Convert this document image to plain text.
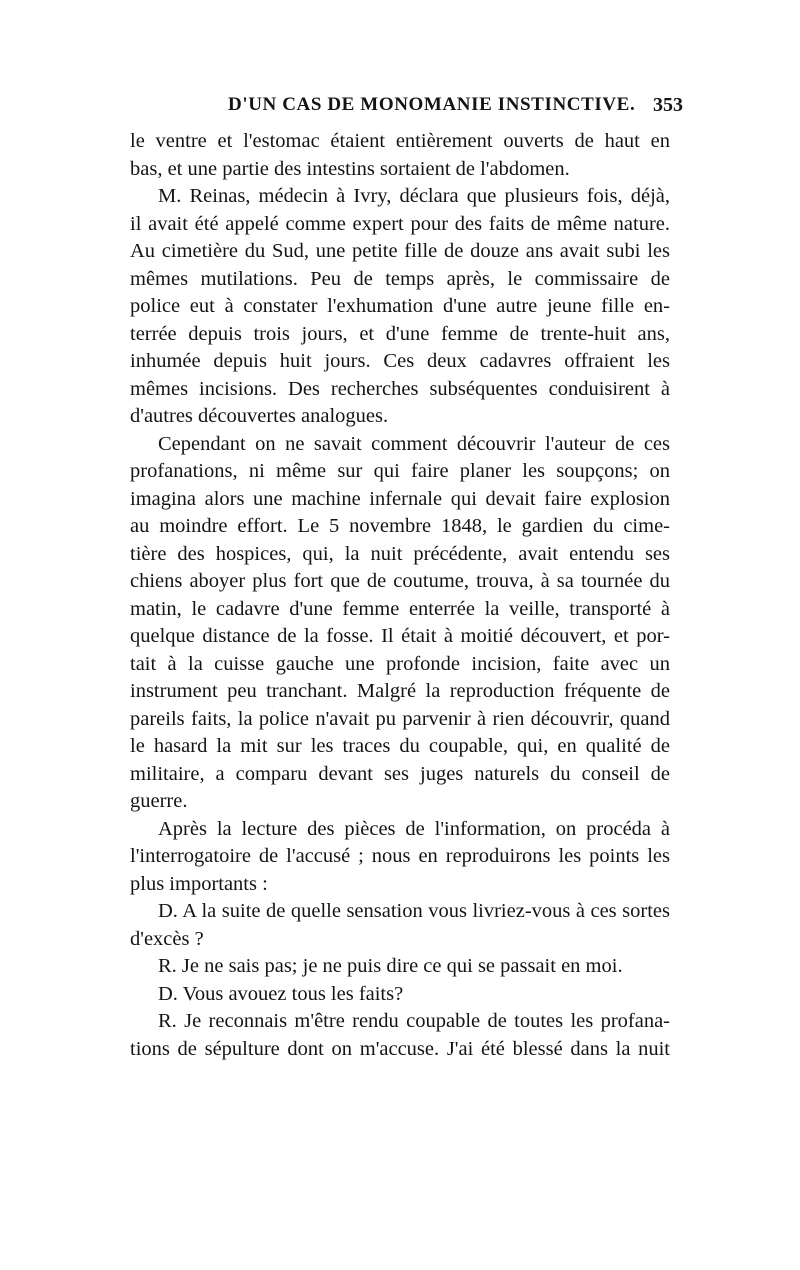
D'UN CAS DE MONOMANIE INSTINCTIVE. 353
le ventre et l'estomac étaient entièrement ouverts de haut en
bas, et une partie des intestins sortaient de l'abdomen.
M. Reinas, médecin à Ivry, déclara que plusieurs fois, déjà,
il avait été appelé comme expert pour des faits de même nature.
Au cimetière du Sud, une petite fille de douze ans avait subi les
mêmes mutilations. Peu de temps après, le commissaire de
police eut à constater l'exhumation d'une autre jeune fille en-
terrée depuis trois jours, et d'une femme de trente-huit ans,
inhumée depuis huit jours. Ces deux cadavres offraient les
mêmes incisions. Des recherches subséquentes conduisirent à
d'autres découvertes analogues.
Cependant on ne savait comment découvrir l'auteur de ces
profanations, ni même sur qui faire planer les soupçons; on
imagina alors une machine infernale qui devait faire explosion
au moindre effort. Le 5 novembre 1848, le gardien du cime-
tière des hospices, qui, la nuit précédente, avait entendu ses
chiens aboyer plus fort que de coutume, trouva, à sa tournée du
matin, le cadavre d'une femme enterrée la veille, transporté à
quelque distance de la fosse. Il était à moitié découvert, et por-
tait à la cuisse gauche une profonde incision, faite avec un
instrument peu tranchant. Malgré la reproduction fréquente de
pareils faits, la police n'avait pu parvenir à rien découvrir, quand
le hasard la mit sur les traces du coupable, qui, en qualité de
militaire, a comparu devant ses juges naturels du conseil de
guerre.
Après la lecture des pièces de l'information, on procéda à
l'interrogatoire de l'accusé ; nous en reproduirons les points les
plus importants :
D. A la suite de quelle sensation vous livriez-vous à ces sortes
d'excès ?
R. Je ne sais pas; je ne puis dire ce qui se passait en moi.
D. Vous avouez tous les faits?
R. Je reconnais m'être rendu coupable de toutes les profana-
tions de sépulture dont on m'accuse. J'ai été blessé dans la nuit
